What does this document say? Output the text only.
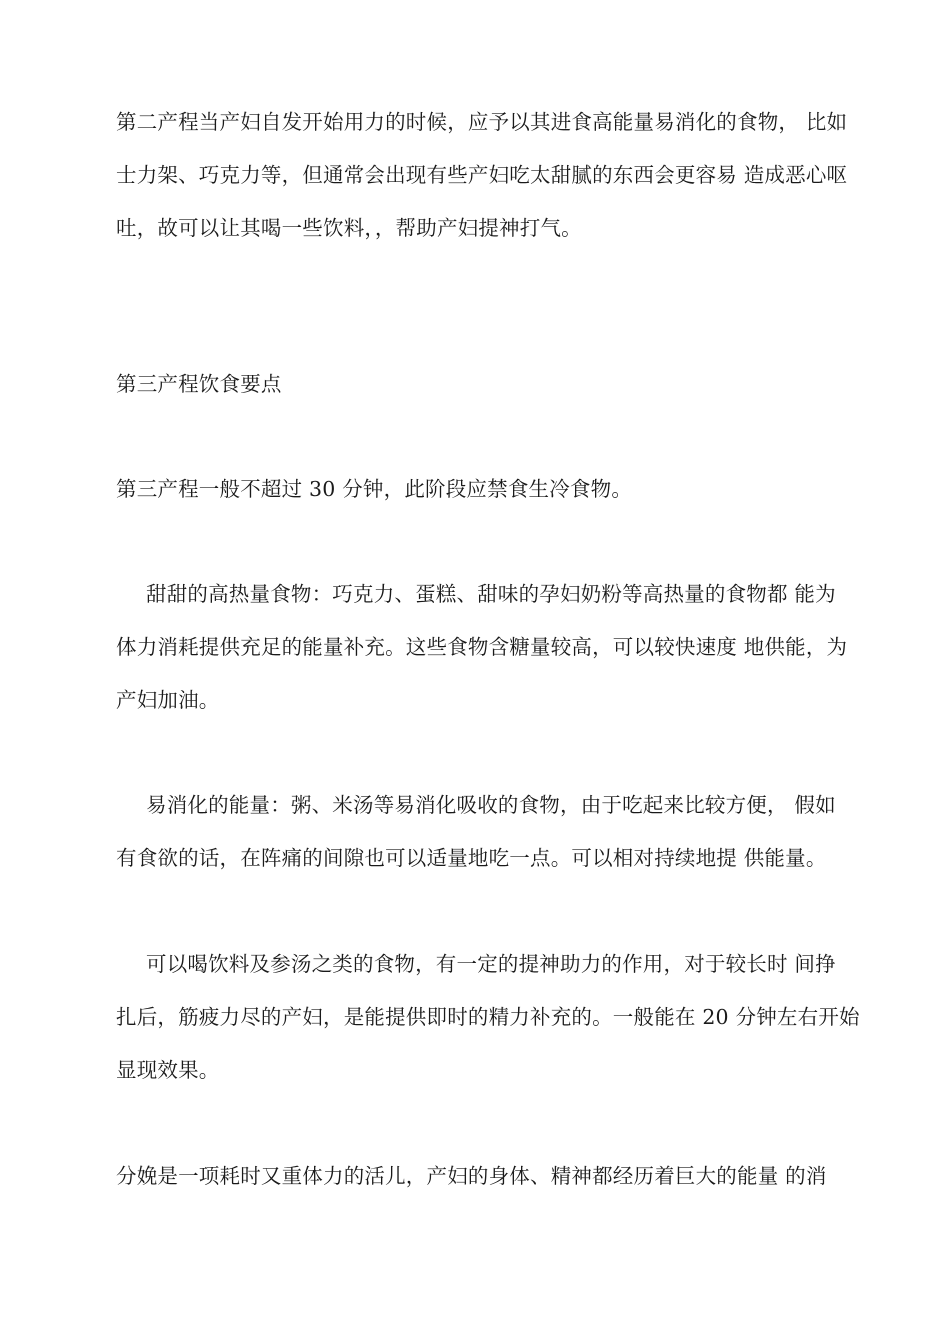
第二产程当产妇自发开始用力的时候，应予以其进食高能量易消化的食物， 比如
士力架、巧克力等，但通常会出现有些产妇吃太甜腻的东西会更容易 造成恶心呕
吐，故可以让其喝一些饮料，，帮助产妇提神打气。

第三产程饮食要点

第三产程一般不超过 30 分钟，此阶段应禁食生冷食物。

甜甜的高热量食物：巧克力、蛋糕、甜味的孕妇奶粉等高热量的食物都 能为
体力消耗提供充足的能量补充。这些食物含糖量较高，可以较快速度 地供能，为
产妇加油。

易消化的能量：粥、米汤等易消化吸收的食物，由于吃起来比较方便， 假如
有食欲的话，在阵痛的间隙也可以适量地吃一点。可以相对持续地提 供能量。

可以喝饮料及参汤之类的食物，有一定的提神助力的作用，对于较长时 间挣
扎后，筋疲力尽的产妇，是能提供即时的精力补充的。一般能在 20 分钟左右开始
显现效果。

分娩是一项耗时又重体力的活儿，产妇的身体、精神都经历着巨大的能量 的消
